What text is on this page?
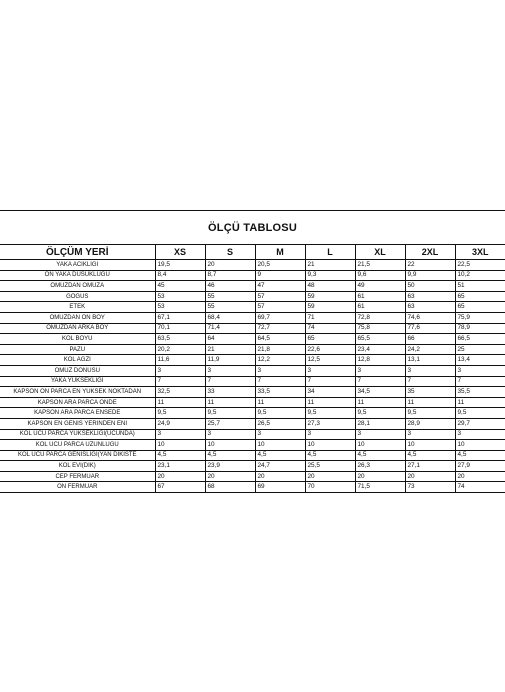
ÖLÇÜ TABLOSU
ÖLÇÜM YERİ	XS	S	M	L	XL	2XL	3XL
YAKA ACIKLIGI	19,5	20	20,5	21	21,5	22	22,5
ON YAKA DUSUKLUGU	8,4	8,7	9	9,3	9,6	9,9	10,2
OMUZDAN OMUZA	45	46	47	48	49	50	51
GOGUS	53	55	57	59	61	63	65
ETEK	53	55	57	59	61	63	65
OMUZDAN ON BOY	67,1	68,4	69,7	71	72,8	74,6	75,9
OMUZDAN ARKA BOY	70,1	71,4	72,7	74	75,8	77,6	78,9
KOL BOYU	63,5	64	64,5	65	65,5	66	66,5
PAZU	20,2	21	21,8	22,6	23,4	24,2	25
KOL AGZI	11,6	11,9	12,2	12,5	12,8	13,1	13,4
OMUZ DONUSU	3	3	3	3	3	3	3
YAKA YUKSEKLIGI	7	7	7	7	7	7	7
KAPSON ON PARCA EN YUKSEK NOKTADAN	32,5	33	33,5	34	34,5	35	35,5
KAPSON ARA PARCA ONDE	11	11	11	11	11	11	11
KAPSON ARA PARCA ENSEDE	9,5	9,5	9,5	9,5	9,5	9,5	9,5
KAPSON EN GENIS YERINDEN ENI	24,9	25,7	26,5	27,3	28,1	28,9	29,7
KOL UCU PARCA YUKSEKLIGI(UCUNDA)	3	3	3	3	3	3	3
KOL UCU PARCA UZUNLUGU	10	10	10	10	10	10	10
KOL UCU PARCA GENISLIGI(YAN DIKISTE	4,5	4,5	4,5	4,5	4,5	4,5	4,5
KOL EVI(DIK)	23,1	23,9	24,7	25,5	26,3	27,1	27,9
CEP FERMUAR	20	20	20	20	20	20	20
ON FERMUAR	67	68	69	70	71,5	73	74
